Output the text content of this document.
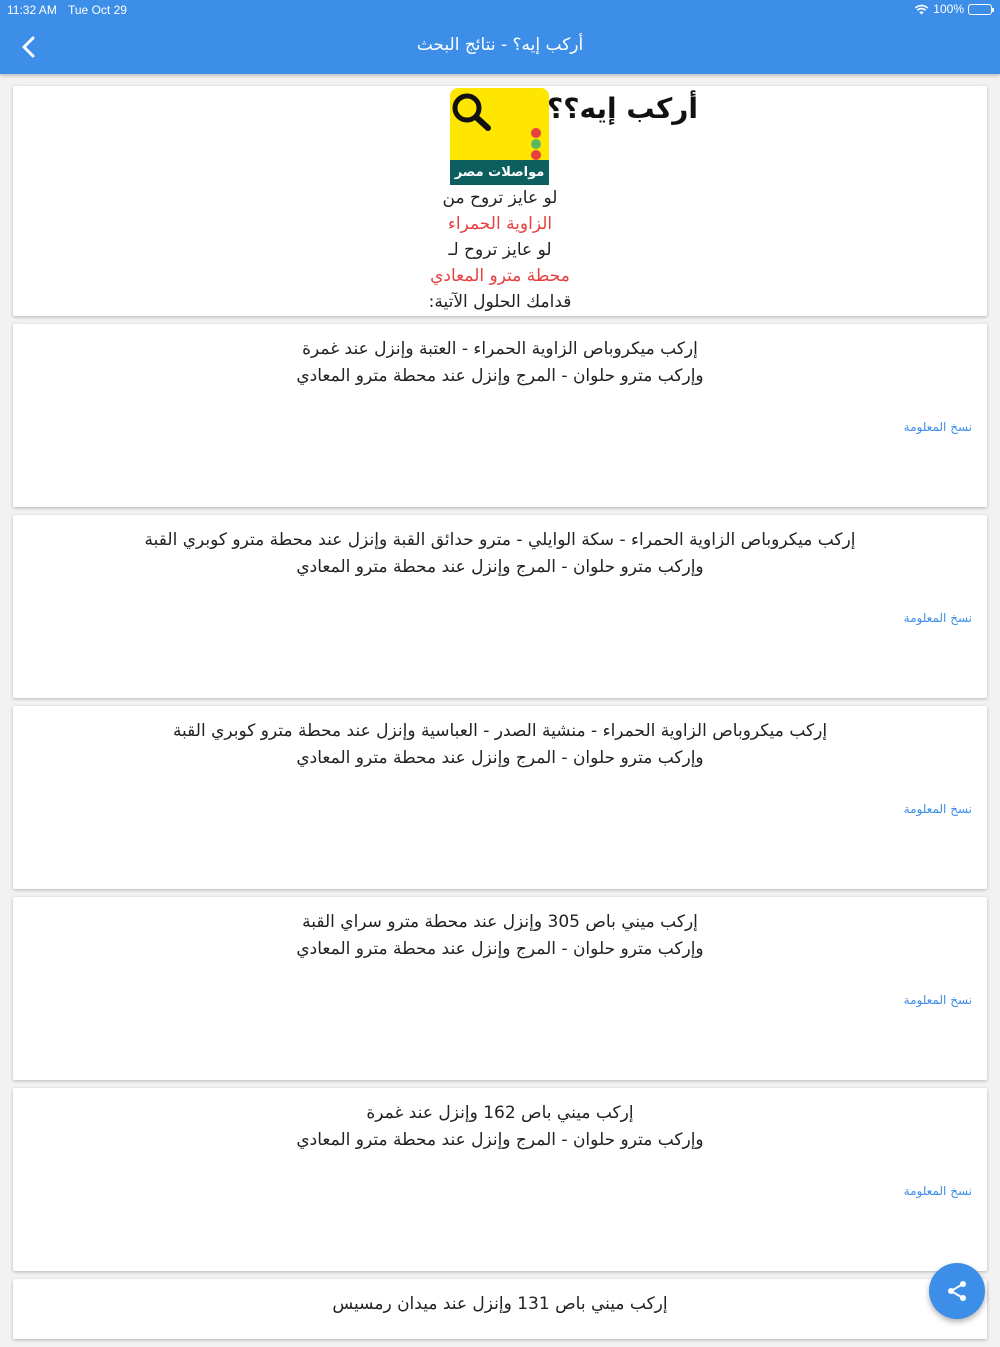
11:32 AM Tue Oct 29	100%
أركب إيه؟ - نتائج البحث
أركب إيه؟؟
مواصلات مصر
لو عايز تروح من
الزاوية الحمراء
لو عايز تروح لـ
محطة مترو المعادي
قدامك الحلول الآتية:
إركب ميكروباص الزاوية الحمراء - العتبة وإنزل عند غمرة
وإركب مترو حلوان - المرج وإنزل عند محطة مترو المعادي
نسخ المعلومة
إركب ميكروباص الزاوية الحمراء - سكة الوايلي - مترو حدائق القبة وإنزل عند محطة مترو كوبري القبة
وإركب مترو حلوان - المرج وإنزل عند محطة مترو المعادي
نسخ المعلومة
إركب ميكروباص الزاوية الحمراء - منشية الصدر - العباسية وإنزل عند محطة مترو كوبري القبة
وإركب مترو حلوان - المرج وإنزل عند محطة مترو المعادي
نسخ المعلومة
إركب ميني باص 305 وإنزل عند محطة مترو سراي القبة
وإركب مترو حلوان - المرج وإنزل عند محطة مترو المعادي
نسخ المعلومة
إركب ميني باص 162 وإنزل عند غمرة
وإركب مترو حلوان - المرج وإنزل عند محطة مترو المعادي
نسخ المعلومة
إركب ميني باص 131 وإنزل عند ميدان رمسيس
